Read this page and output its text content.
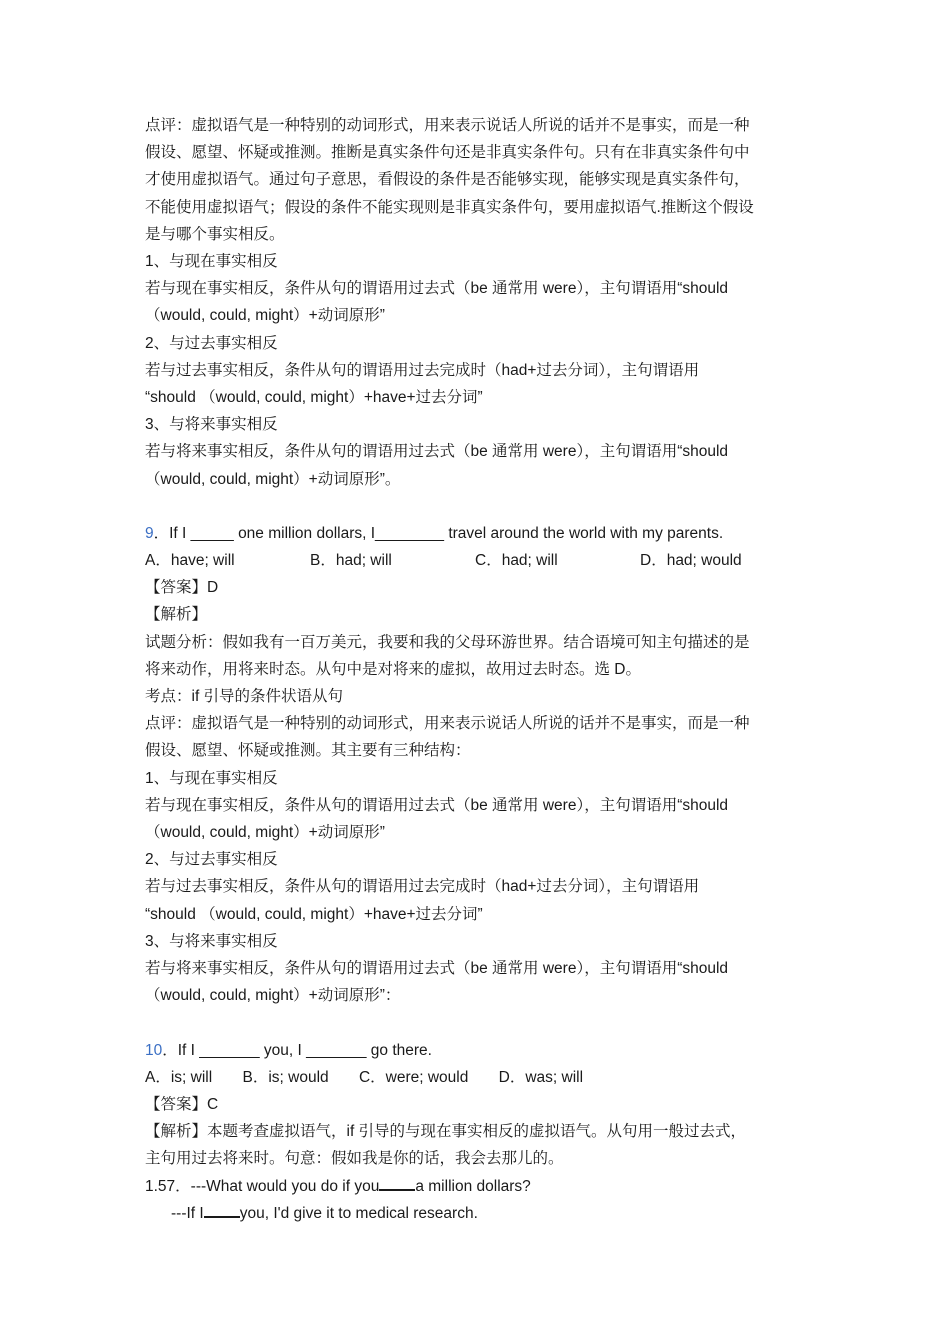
点评：虚拟语气是一种特别的动词形式，用来表示说话人所说的话并不是事实，而是一种
假设、愿望、怀疑或推测。推断是真实条件句还是非真实条件句。只有在非真实条件句中
才使用虚拟语气。通过句子意思，看假设的条件是否能够实现，能够实现是真实条件句，
不能使用虚拟语气；假设的条件不能实现则是非真实条件句，要用虚拟语气.推断这个假设
是与哪个事实相反。
1、与现在事实相反
若与现在事实相反，条件从句的谓语用过去式（be 通常用 were），主句谓语用“should
（would, could, might）+动词原形”
2、与过去事实相反
若与过去事实相反，条件从句的谓语用过去完成时（had+过去分词），主句谓语用
“should （would, could, might）+have+过去分词”
3、与将来事实相反
若与将来事实相反，条件从句的谓语用过去式（be 通常用 were），主句谓语用“should
（would, could, might）+动词原形”。
9．If I _____ one million dollars, I________ travel around the world with my parents.
A．have; will	B．had; will	C．had; will	D．had; would
【答案】D
【解析】
试题分析：假如我有一百万美元，我要和我的父母环游世界。结合语境可知主句描述的是
将来动作，用将来时态。从句中是对将来的虚拟，故用过去时态。选 D。
考点：if 引导的条件状语从句
点评：虚拟语气是一种特别的动词形式，用来表示说话人所说的话并不是事实，而是一种
假设、愿望、怀疑或推测。其主要有三种结构：
1、与现在事实相反
若与现在事实相反，条件从句的谓语用过去式（be 通常用 were），主句谓语用“should
（would, could, might）+动词原形”
2、与过去事实相反
若与过去事实相反，条件从句的谓语用过去完成时（had+过去分词），主句谓语用
“should （would, could, might）+have+过去分词”
3、与将来事实相反
若与将来事实相反，条件从句的谓语用过去式（be 通常用 were），主句谓语用“should
（would, could, might）+动词原形”：
10．If I _______ you, I _______ go there.
A．is; will B．is; would C．were; would D．was; will
【答案】C
【解析】本题考查虚拟语气，if 引导的与现在事实相反的虚拟语气。从句用一般过去式，
主句用过去将来时。句意：假如我是你的话，我会去那儿的。
1.57．---What would you do if you a million dollars?
---If I you, I'd give it to medical research.
